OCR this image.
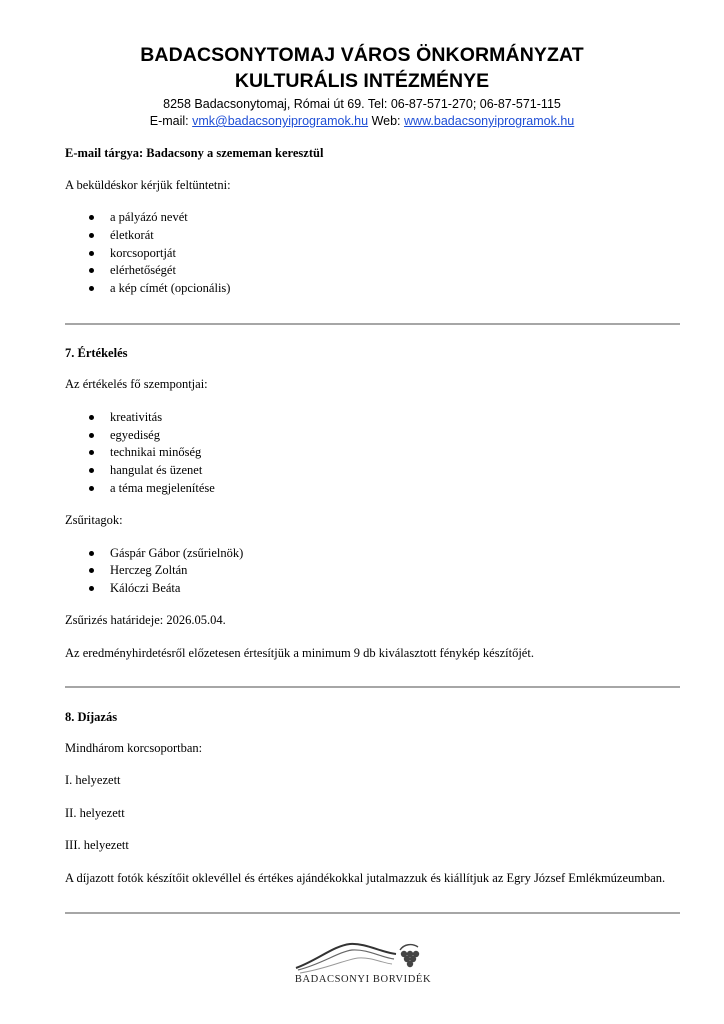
BADACSONYTOMAJ VÁROS ÖNKORMÁNYZAT
KULTURÁLIS INTÉZMÉNYE
8258 Badacsonytomaj, Római út 69. Tel: 06-87-571-270; 06-87-571-115
E-mail: vmk@badacsonyiprogramok.hu Web: www.badacsonyiprogramok.hu
E-mail tárgya: Badacsony a szememan keresztül
A beküldéskor kérjük feltüntetni:
a pályázó nevét
életkorát
korcsoportját
elérhetőségét
a kép címét (opcionális)
7. Értékelés
Az értékelés fő szempontjai:
kreativitás
egyediség
technikai minőség
hangulat és üzenet
a téma megjelenítése
Zsűritagok:
Gáspár Gábor (zsűrielnök)
Herczeg Zoltán
Kálóczi Beáta
Zsűrizés határideje: 2026.05.04.
Az eredményhirdetésről előzetesen értesítjük a minimum 9 db kiválasztott fénykép készítőjét.
8. Díjazás
Mindhárom korcsoportban:
I. helyezett
II. helyezett
III. helyezett
A díjazott fotók készítőit oklevéllel és értékes ajándékokkal jutalmazzuk és kiállítjuk az Egry József Emlékmúzeumban.
BADACSONYI BORVIDÉK
